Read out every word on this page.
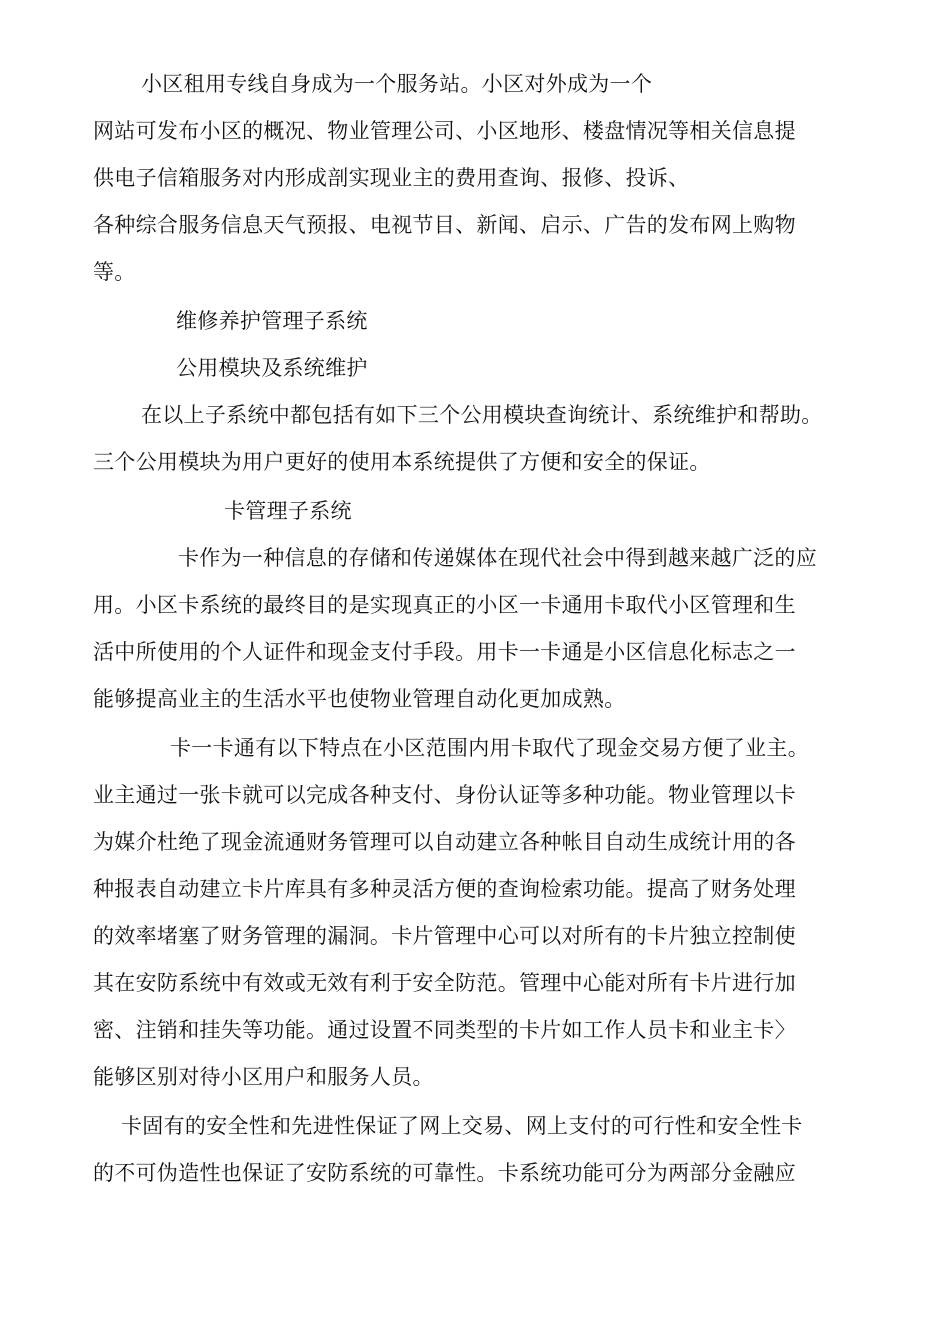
小区租用专线自身成为一个服务站。小区对外成为一个

网站可发布小区的概况、物业管理公司、小区地形、楼盘情况等相关信息提

供电子信箱服务对内形成剖实现业主的费用查询、报修、投诉、

各种综合服务信息天气预报、电视节目、新闻、启示、广告的发布网上购物

等。

维修养护管理子系统

公用模块及系统维护

在以上子系统中都包括有如下三个公用模块查询统计、系统维护和帮助。

三个公用模块为用户更好的使用本系统提供了方便和安全的保证。

卡管理子系统

卡作为一种信息的存储和传递媒体在现代社会中得到越来越广泛的应

用。小区卡系统的最终目的是实现真正的小区一卡通用卡取代小区管理和生

活中所使用的个人证件和现金支付手段。用卡一卡通是小区信息化标志之一

能够提高业主的生活水平也使物业管理自动化更加成熟。

卡一卡通有以下特点在小区范围内用卡取代了现金交易方便了业主。

业主通过一张卡就可以完成各种支付、身份认证等多种功能。物业管理以卡

为媒介杜绝了现金流通财务管理可以自动建立各种帐目自动生成统计用的各

种报表自动建立卡片库具有多种灵活方便的查询检索功能。提高了财务处理

的效率堵塞了财务管理的漏洞。卡片管理中心可以对所有的卡片独立控制使

其在安防系统中有效或无效有利于安全防范。管理中心能对所有卡片进行加

密、注销和挂失等功能。通过设置不同类型的卡片如工作人员卡和业主卡〉

能够区别对待小区用户和服务人员。

卡固有的安全性和先进性保证了网上交易、网上支付的可行性和安全性卡

的不可伪造性也保证了安防系统的可靠性。卡系统功能可分为两部分金融应
